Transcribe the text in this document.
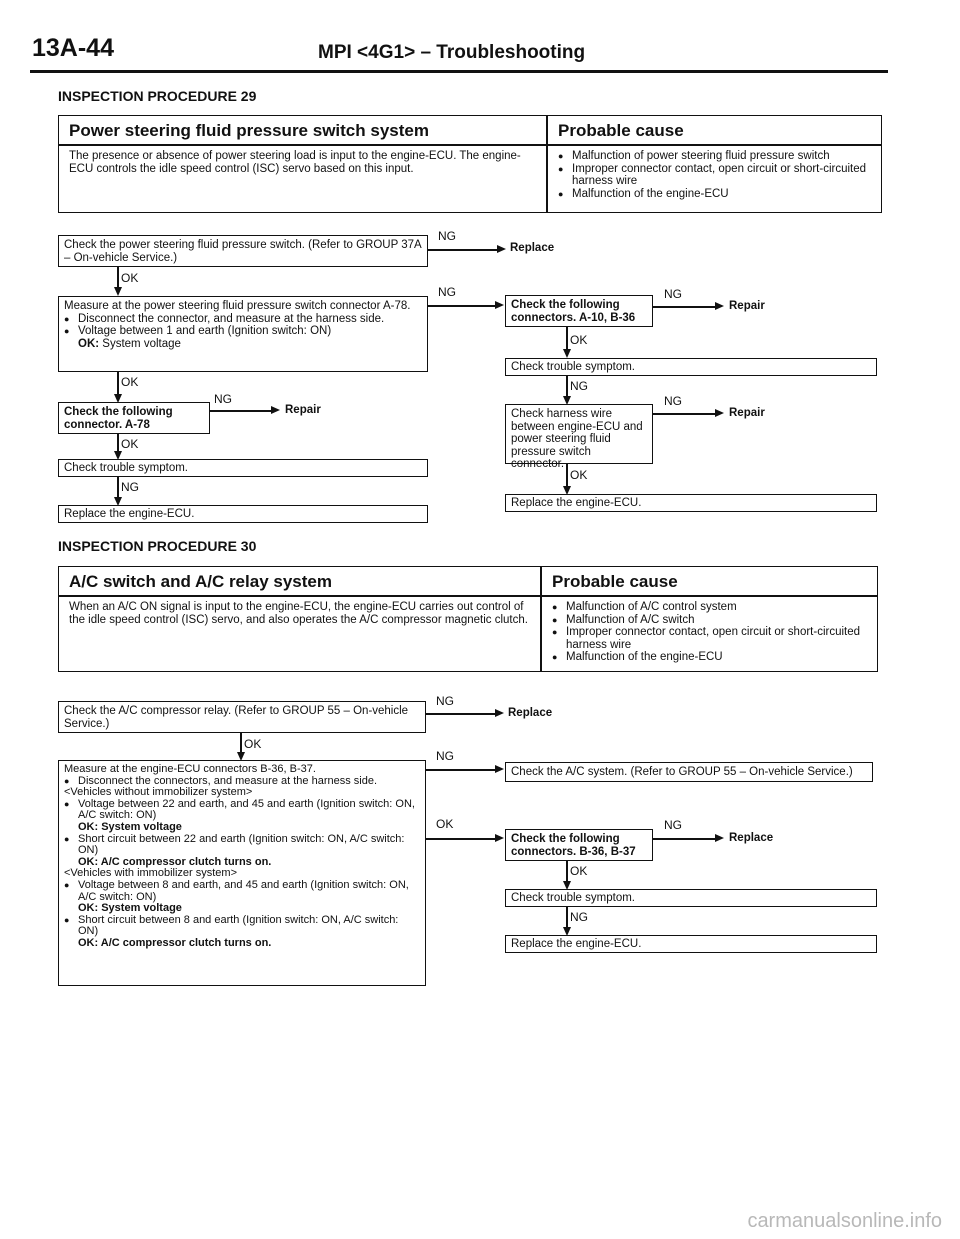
13A-44	MPI <4G1> – Troubleshooting
INSPECTION PROCEDURE 29
Power steering fluid pressure switch system	Probable cause
The presence or absence of power steering load is input to the engine-ECU. The engine-ECU controls the idle speed control (ISC) servo based on this input.
● Malfunction of power steering fluid pressure switch
● Improper connector contact, open circuit or short-circuited harness wire
● Malfunction of the engine-ECU
Check the power steering fluid pressure switch. (Refer to GROUP 37A – On-vehicle Service.)
NG
Replace
OK
Measure at the power steering fluid pressure switch connector A-78.
● Disconnect the connector, and measure at the harness side.
● Voltage between 1 and earth (Ignition switch: ON)
OK: System voltage
NG
OK
Check the following connector. A-78
NG
Repair
OK
Check trouble symptom.
NG
Replace the engine-ECU.
Check the following connectors. A-10, B-36
NG
Repair
OK
Check trouble symptom.
NG
Check harness wire between engine-ECU and power steering fluid pressure switch connector.
NG
Repair
OK
Replace the engine-ECU.
INSPECTION PROCEDURE 30
A/C switch and A/C relay system	Probable cause
When an A/C ON signal is input to the engine-ECU, the engine-ECU carries out control of the idle speed control (ISC) servo, and also operates the A/C compressor magnetic clutch.
● Malfunction of A/C control system
● Malfunction of A/C switch
● Improper connector contact, open circuit or short-circuited harness wire
● Malfunction of the engine-ECU
Check the A/C compressor relay. (Refer to GROUP 55 – On-vehicle Service.)
NG
Replace
OK
Measure at the engine-ECU connectors B-36, B-37.
● Disconnect the connectors, and measure at the harness side.
<Vehicles without immobilizer system>
● Voltage between 22 and earth, and 45 and earth (Ignition switch: ON, A/C switch: ON)
OK: System voltage
● Short circuit between 22 and earth (Ignition switch: ON, A/C switch: ON)
OK: A/C compressor clutch turns on.
<Vehicles with immobilizer system>
● Voltage between 8 and earth, and 45 and earth (Ignition switch: ON, A/C switch: ON)
OK: System voltage
● Short circuit between 8 and earth (Ignition switch: ON, A/C switch: ON)
OK: A/C compressor clutch turns on.
NG
Check the A/C system. (Refer to GROUP 55 – On-vehicle Service.)
OK
Check the following connectors. B-36, B-37
NG
Replace
OK
Check trouble symptom.
NG
Replace the engine-ECU.
carmanualsonline.info
